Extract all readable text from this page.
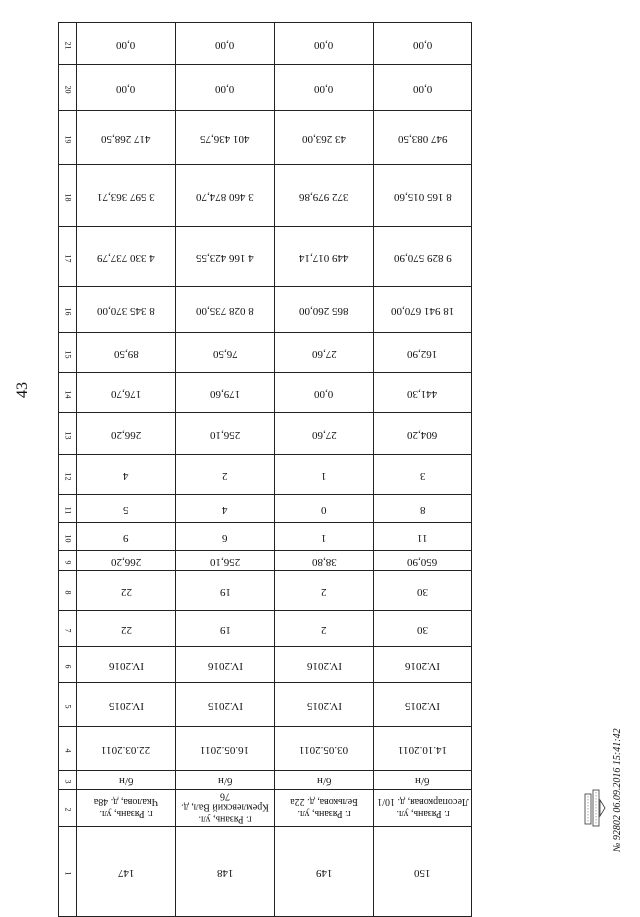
43
21	0,00	0,00	0,00	0,00
20	0,00	0,00	0,00	0,00
19	417 268,50	401 436,75	43 263,00	947 083,50
18	3 597 363,71	3 460 874,70	372 979,86	8 165 015,60
17	4 330 737,79	4 166 423,55	449 017,14	9 829 570,90
16	8 345 370,00	8 028 735,00	865 260,00	18 941 670,00
15	89,50	76,50	27,60	162,90
14	176,70	179,60	0,00	441,30
13	266,20	256,10	27,60	604,20
12	4	2	1	3
11	5	4	0	8
10	9	6	1	11
9	266,20	256,10	38,80	650,90
8	22	19	2	30
7	22	19	2	30
6	IV.2016	IV.2016	IV.2016	IV.2016
5	IV.2015	IV.2015	IV.2015	IV.2015
4	22.03.2011	16.05.2011	03.05.2011	14.10.2011
3	б/н	б/н	б/н	б/н
2	г. Рязань, ул. Чкалова, д. 48а	г. Рязань, ул. Кремлевский Вал, д. 76	г. Рязань, ул. Белькова, д. 22а	г. Рязань, ул. Лесопарковая, д. 10/1
1	147	148	149	150
№ 92802 06.09.2016 15:41:42
